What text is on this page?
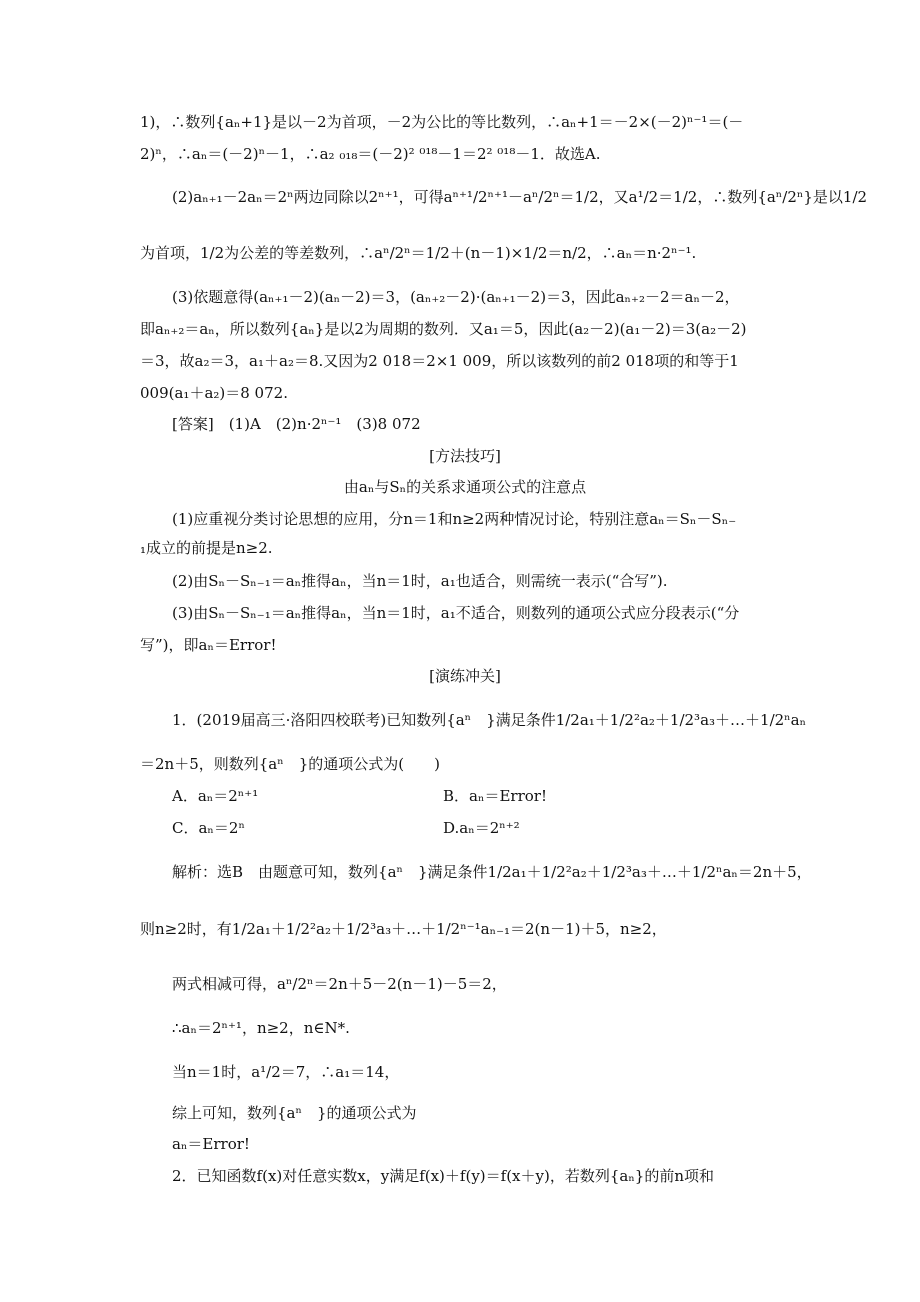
1)，∴数列{aₙ+1}是以－2为首项，－2为公比的等比数列，∴aₙ+1＝－2×(－2)ⁿ⁻¹＝(－
2)ⁿ，∴aₙ＝(－2)ⁿ－1，∴a₂ ₀₁₈＝(－2)² ⁰¹⁸－1＝2² ⁰¹⁸－1．故选A.
(2)aₙ₊₁－2aₙ＝2ⁿ两边同除以2ⁿ⁺¹，可得aⁿ⁺¹/2ⁿ⁺¹－aⁿ/2ⁿ＝1/2，又a¹/2＝1/2，∴数列{aⁿ/2ⁿ}是以1/2
为首项，1/2为公差的等差数列，∴aⁿ/2ⁿ＝1/2＋(n－1)×1/2＝n/2，∴aₙ＝n·2ⁿ⁻¹.
(3)依题意得(aₙ₊₁－2)(aₙ－2)＝3，(aₙ₊₂－2)·(aₙ₊₁－2)＝3，因此aₙ₊₂－2＝aₙ－2，
即aₙ₊₂＝aₙ，所以数列{aₙ}是以2为周期的数列．又a₁＝5，因此(a₂－2)(a₁－2)＝3(a₂－2)
＝3，故a₂＝3，a₁＋a₂＝8.又因为2 018＝2×1 009，所以该数列的前2 018项的和等于1
009(a₁＋a₂)＝8 072.
[答案]　(1)A　(2)n·2ⁿ⁻¹　(3)8 072
[方法技巧]
由aₙ与Sₙ的关系求通项公式的注意点
(1)应重视分类讨论思想的应用，分n＝1和n≥2两种情况讨论，特别注意aₙ＝Sₙ－Sₙ₋
₁成立的前提是n≥2.
(2)由Sₙ－Sₙ₋₁＝aₙ推得aₙ，当n＝1时，a₁也适合，则需统一表示(“合写”).
(3)由Sₙ－Sₙ₋₁＝aₙ推得aₙ，当n＝1时，a₁不适合，则数列的通项公式应分段表示(“分
写”)，即aₙ＝Error!
[演练冲关]
1．(2019届高三·洛阳四校联考)已知数列{aⁿ　}满足条件1/2a₁＋1/2²a₂＋1/2³a₃＋…＋1/2ⁿaₙ
＝2n＋5，则数列{aⁿ　}的通项公式为(　　)
A．aₙ＝2ⁿ⁺¹	B．aₙ＝Error!
C．aₙ＝2ⁿ	D.aₙ＝2ⁿ⁺²
解析：选B　由题意可知，数列{aⁿ　}满足条件1/2a₁＋1/2²a₂＋1/2³a₃＋…＋1/2ⁿaₙ＝2n＋5，
则n≥2时，有1/2a₁＋1/2²a₂＋1/2³a₃＋…＋1/2ⁿ⁻¹aₙ₋₁＝2(n－1)＋5，n≥2，
两式相减可得，aⁿ/2ⁿ＝2n＋5－2(n－1)－5＝2，
∴aₙ＝2ⁿ⁺¹，n≥2，n∈N*.
当n＝1时，a¹/2＝7，∴a₁＝14，
综上可知，数列{aⁿ　}的通项公式为
aₙ＝Error!
2．已知函数f(x)对任意实数x，y满足f(x)＋f(y)＝f(x＋y)，若数列{aₙ}的前n项和
